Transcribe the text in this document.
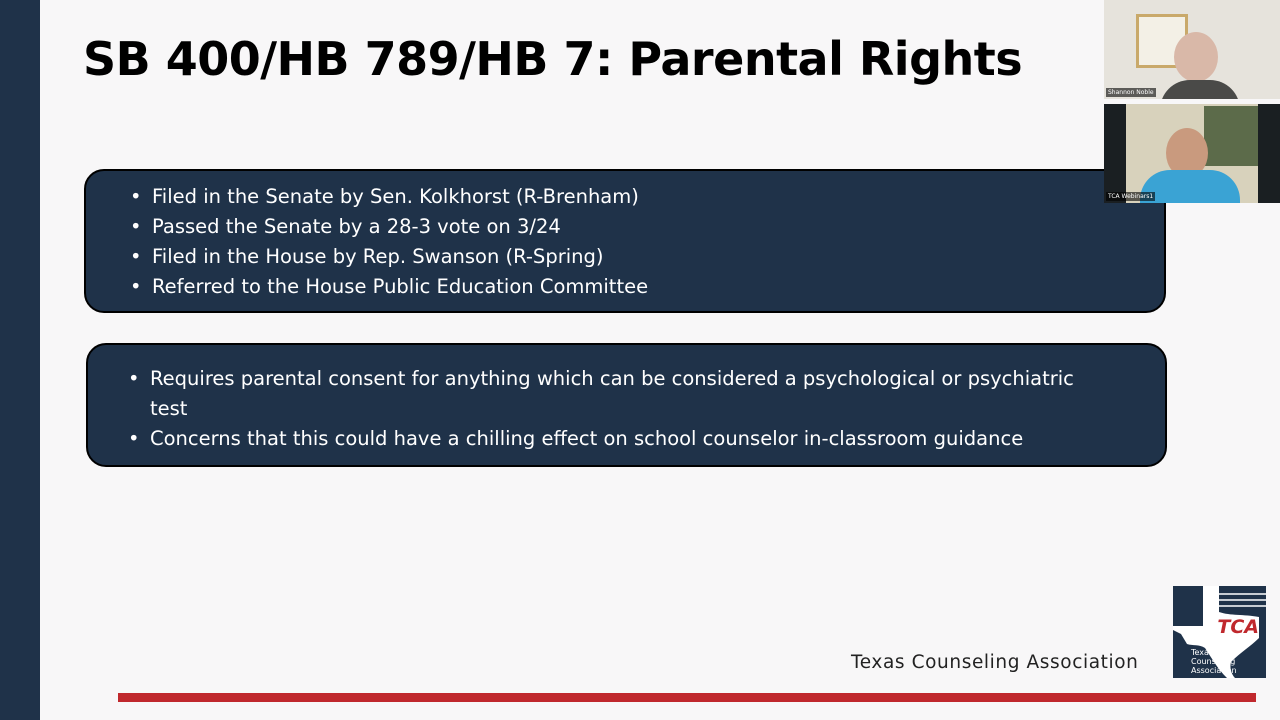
SB 400/HB 789/HB 7: Parental Rights
• Filed in the Senate by Sen. Kolkhorst (R-Brenham)
• Passed the Senate by a 28-3 vote on 3/24
• Filed in the House by Rep. Swanson (R-Spring)
• Referred to the House Public Education Committee
• Requires parental consent for anything which can be considered a psychological or psychiatric test
• Concerns that this could have a chilling effect on school counselor in-classroom guidance
Texas Counseling Association
TCA
Texas Counseling Association
Shannon Noble
TCA Webinars1
